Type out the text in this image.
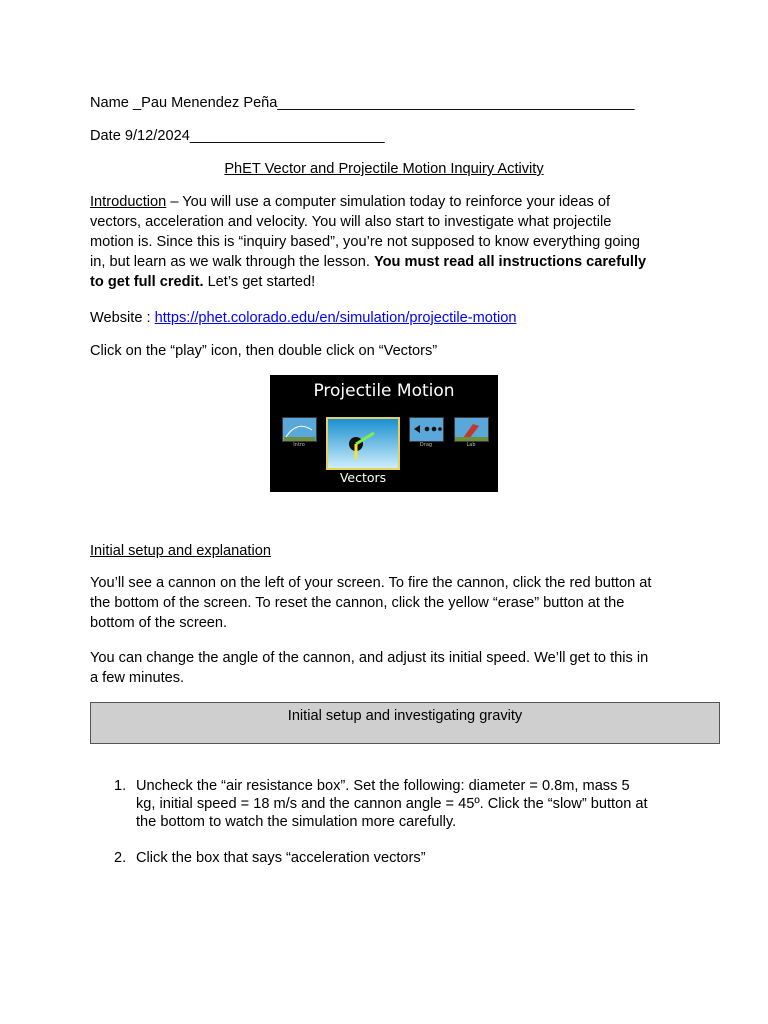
Name _Pau Menendez Peña____________________________________________
Date 9/12/2024________________________
PhET Vector and Projectile Motion Inquiry Activity
Introduction – You will use a computer simulation today to reinforce your ideas of
vectors, acceleration and velocity. You will also start to investigate what projectile
motion is. Since this is “inquiry based”, you’re not supposed to know everything going
in, but learn as we walk through the lesson. You must read all instructions carefully
to get full credit. Let’s get started!
Website : https://phet.colorado.edu/en/simulation/projectile-motion
Click on the “play” icon, then double click on “Vectors”
Projectile Motion
Intro
Vectors
Drag	Lab
Initial setup and explanation
You’ll see a cannon on the left of your screen. To fire the cannon, click the red button at
the bottom of the screen. To reset the cannon, click the yellow “erase” button at the
bottom of the screen.
You can change the angle of the cannon, and adjust its initial speed. We’ll get to this in
a few minutes.
Initial setup and investigating gravity
1. Uncheck the “air resistance box”. Set the following: diameter = 0.8m, mass 5
kg, initial speed = 18 m/s and the cannon angle = 45º. Click the “slow” button at
the bottom to watch the simulation more carefully.
2. Click the box that says “acceleration vectors”
